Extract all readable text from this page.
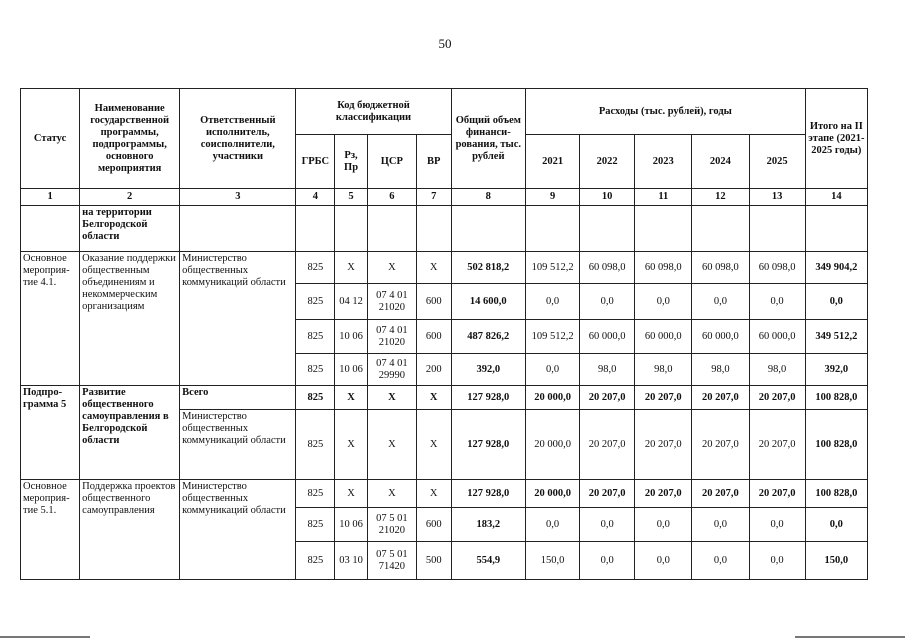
50
Статус	Наименование государственной программы, подпрограммы, основного мероприятия	Ответственный исполнитель, соисполнители, участники	Код бюджетной классификации				Общий объем финанси-рования, тыс. рублей	Расходы (тыс. рублей), годы					Итого на II этапе (2021-2025 годы)
			ГРБС	Рз, Пр	ЦСР	ВР		2021	2022	2023	2024	2025	
1	2	3	4	5	6	7	8	9	10	11	12	13	14
	на территории Белгородской области												
Основное мероприя-тие 4.1.	Оказание поддержки общественным объединениям и некоммерческим организациям	Министерство общественных коммуникаций области	825	Х	Х	Х	502 818,2	109 512,2	60 098,0	60 098,0	60 098,0	60 098,0	349 904,2
			825	04 12	07 4 01 21020	600	14 600,0	0,0	0,0	0,0	0,0	0,0	0,0
			825	10 06	07 4 01 21020	600	487 826,2	109 512,2	60 000,0	60 000,0	60 000,0	60 000,0	349 512,2
			825	10 06	07 4 01 29990	200	392,0	0,0	98,0	98,0	98,0	98,0	392,0
Подпро-грамма 5	Развитие общественного самоуправления в Белгородской области	Всего	825	Х	Х	Х	127 928,0	20 000,0	20 207,0	20 207,0	20 207,0	20 207,0	100 828,0
		Министерство общественных коммуникаций области	825	Х	Х	Х	127 928,0	20 000,0	20 207,0	20 207,0	20 207,0	20 207,0	100 828,0
Основное мероприя-тие 5.1.	Поддержка проектов общественного самоуправления	Министерство общественных коммуникаций области	825	Х	Х	Х	127 928,0	20 000,0	20 207,0	20 207,0	20 207,0	20 207,0	100 828,0
			825	10 06	07 5 01 21020	600	183,2	0,0	0,0	0,0	0,0	0,0	0,0
			825	03 10	07 5 01 71420	500	554,9	150,0	0,0	0,0	0,0	0,0	150,0
